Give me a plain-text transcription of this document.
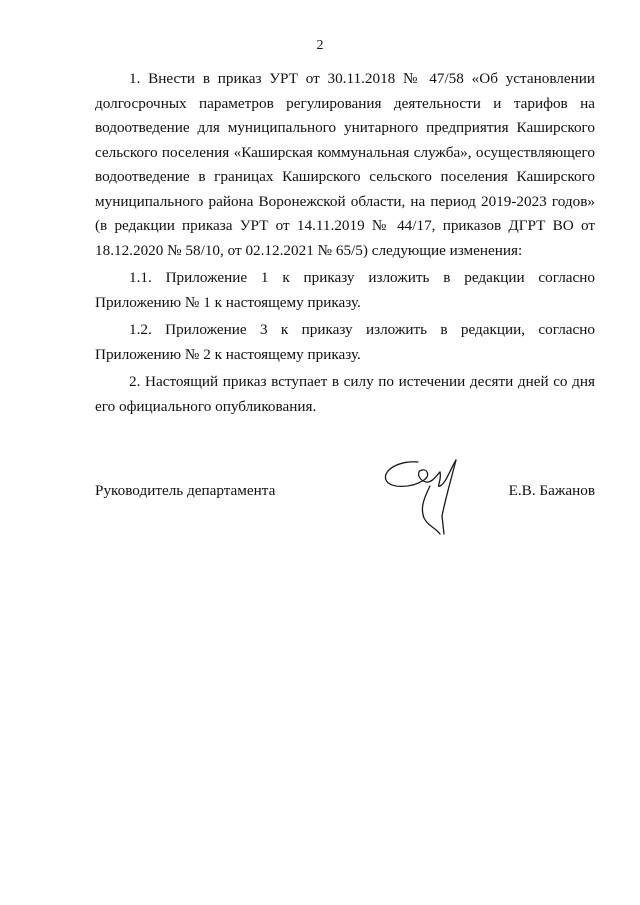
2

1. Внести в приказ УРТ от 30.11.2018 № 47/58 «Об установлении долгосрочных параметров регулирования деятельности и тарифов на водоотведение для муниципального унитарного предприятия Каширского сельского поселения «Каширская коммунальная служба», осуществляющего водоотведение в границах Каширского сельского поселения Каширского муниципального района Воронежской области, на период 2019-2023 годов» (в редакции приказа УРТ от 14.11.2019 № 44/17, приказов ДГРТ ВО от 18.12.2020 № 58/10, от 02.12.2021 № 65/5) следующие изменения:

1.1. Приложение 1 к приказу изложить в редакции согласно Приложению № 1 к настоящему приказу.

1.2. Приложение 3 к приказу изложить в редакции, согласно Приложению № 2 к настоящему приказу.

2. Настоящий приказ вступает в силу по истечении десяти дней со дня его официального опубликования.

Руководитель департамента	Е.В. Бажанов
